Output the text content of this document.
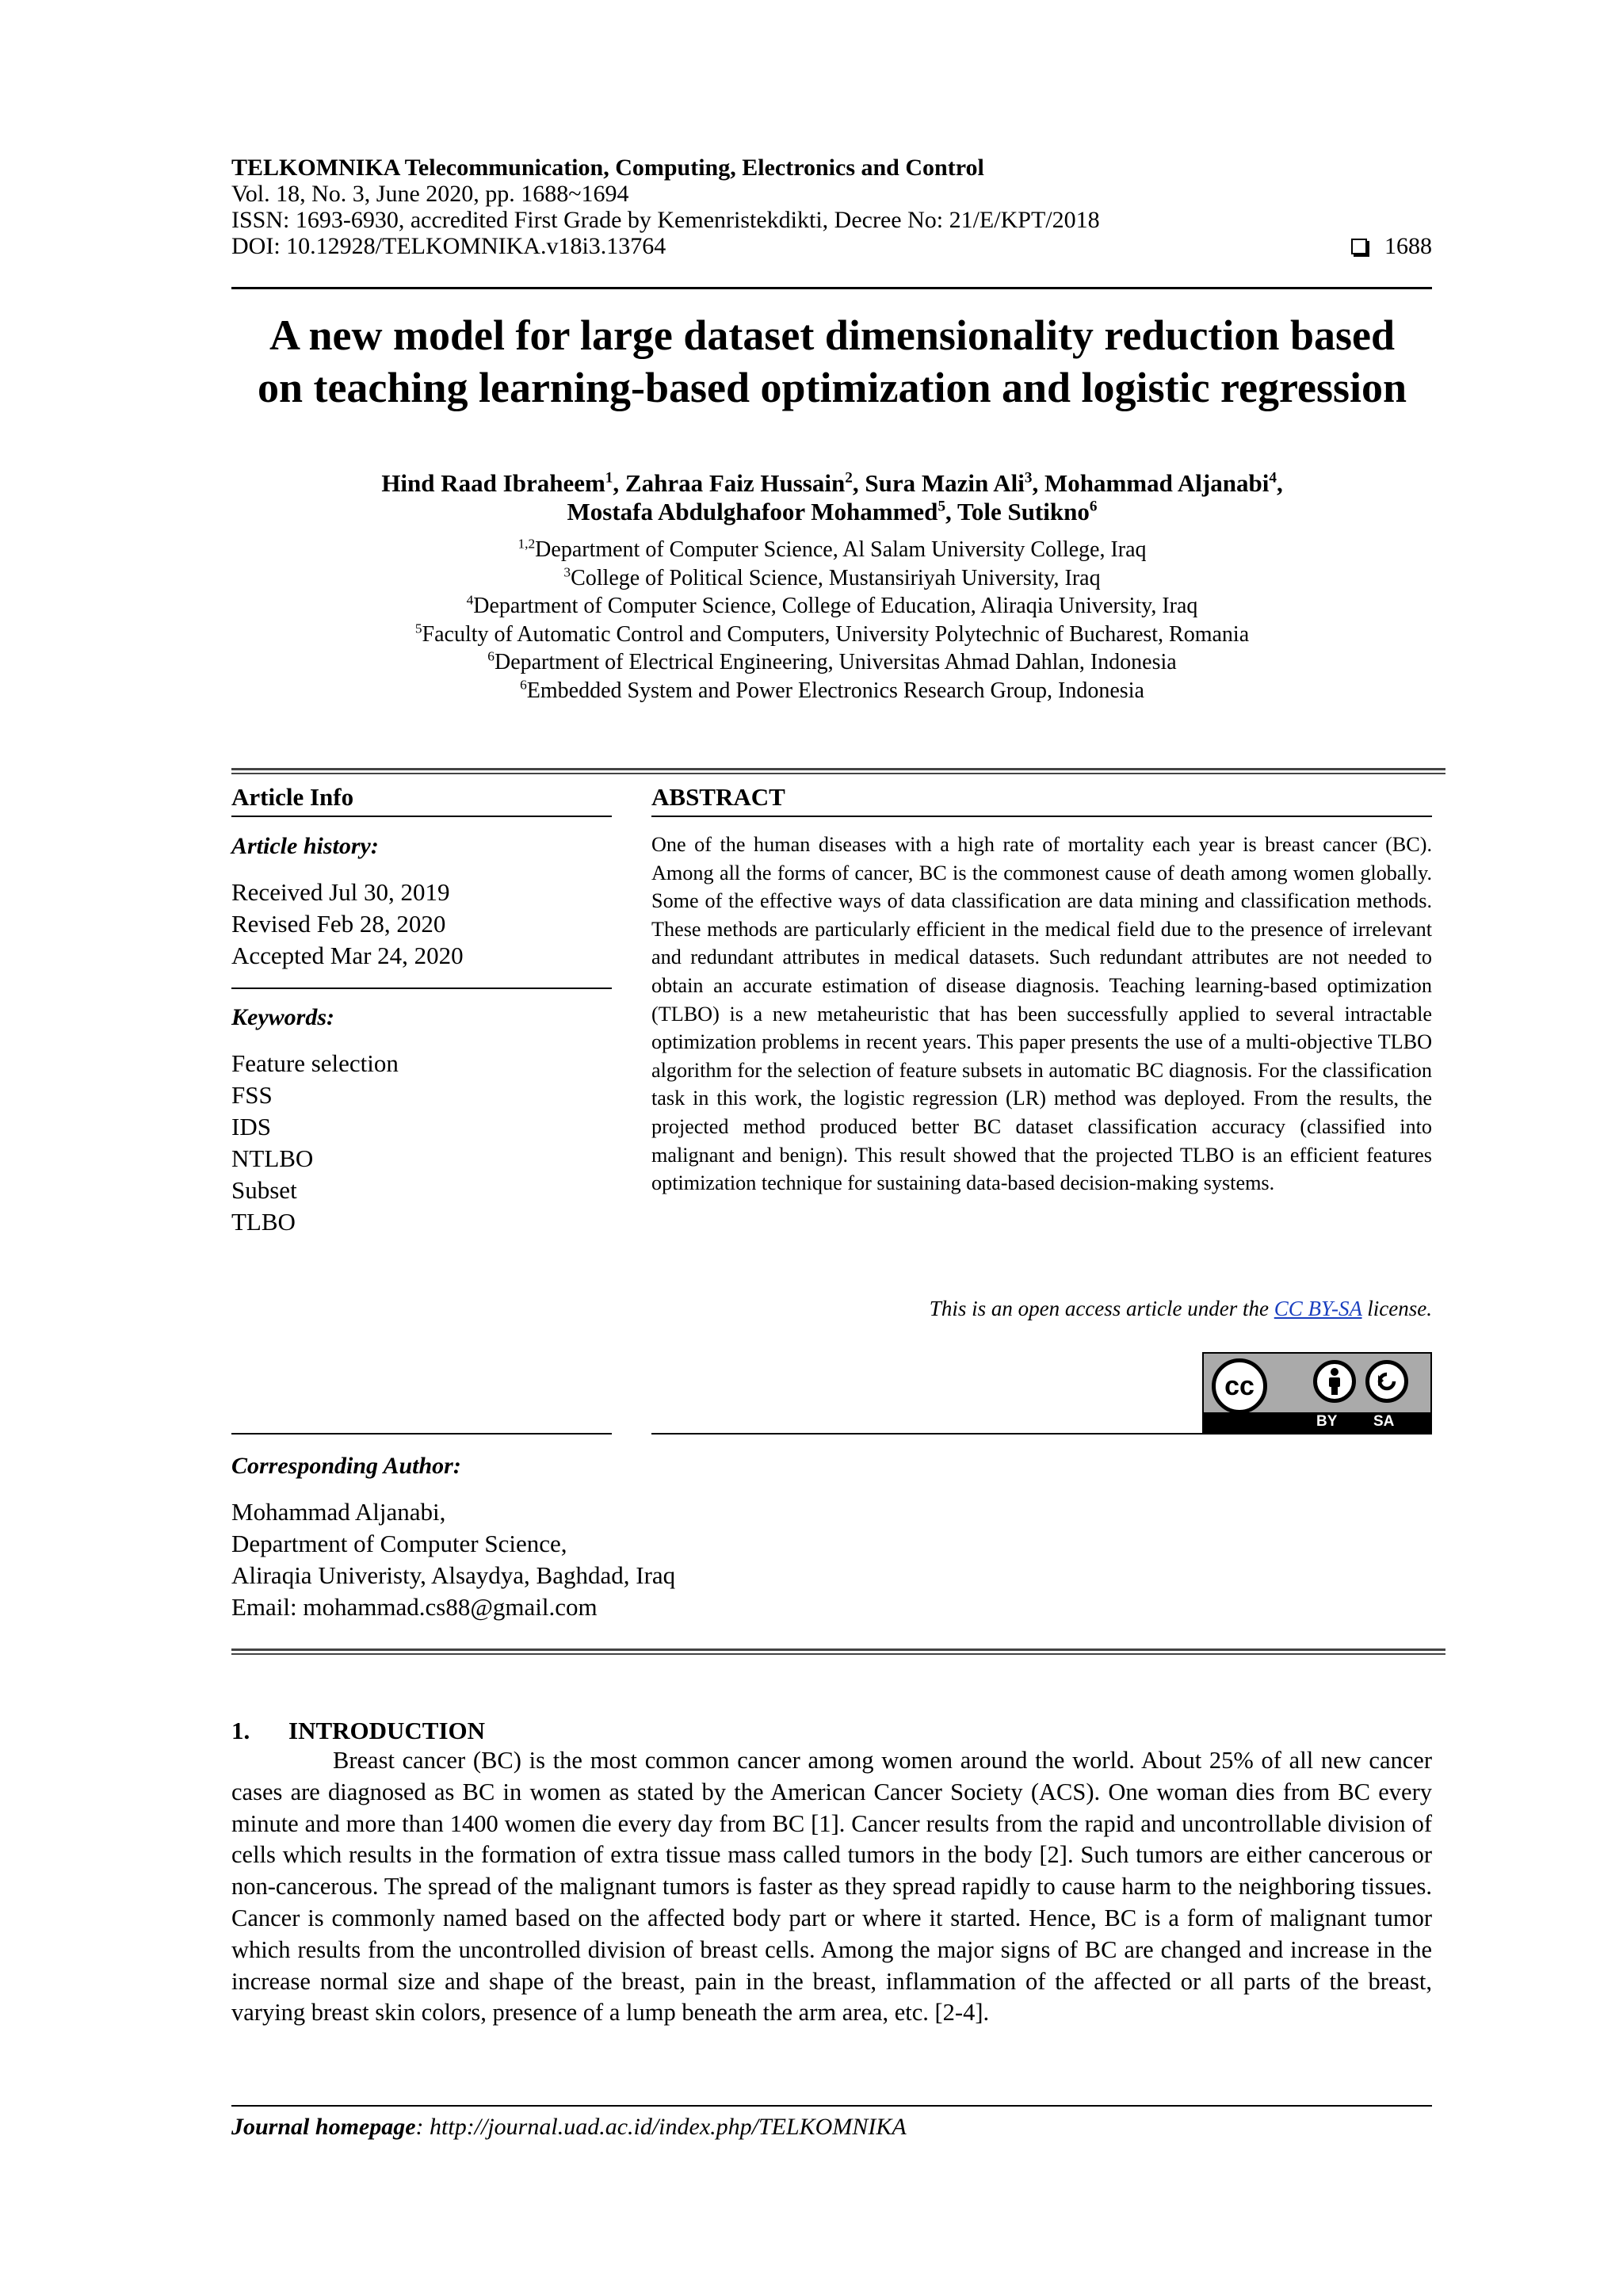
TELKOMNIKA Telecommunication, Computing, Electronics and Control
Vol. 18, No. 3, June 2020, pp. 1688~1694
ISSN: 1693-6930, accredited First Grade by Kemenristekdikti, Decree No: 21/E/KPT/2018
DOI: 10.12928/TELKOMNIKA.v18i3.13764	1688
A new model for large dataset dimensionality reduction based
on teaching learning-based optimization and logistic regression
Hind Raad Ibraheem$^1$, Zahraa Faiz Hussain$^2$, Sura Mazin Ali$^3$, Mohammad Aljanabi$^4$,
Mostafa Abdulghafoor Mohammed$^5$, Tole Sutikno$^6$
$^{1,2}$Department of Computer Science, Al Salam University College, Iraq
$^3$College of Political Science, Mustansiriyah University, Iraq
$^4$Department of Computer Science, College of Education, Aliraqia University, Iraq
$^5$Faculty of Automatic Control and Computers, University Polytechnic of Bucharest, Romania
$^6$Department of Electrical Engineering, Universitas Ahmad Dahlan, Indonesia
$^6$Embedded System and Power Electronics Research Group, Indonesia
Article Info
Article history:
Received Jul 30, 2019
Revised Feb 28, 2020
Accepted Mar 24, 2020
Keywords:
Feature selection
FSS
IDS
NTLBO
Subset
TLBO
ABSTRACT
One of the human diseases with a high rate of mortality each year is breast cancer (BC). Among all the forms of cancer, BC is the commonest cause of death among women globally. Some of the effective ways of data classification are data mining and classification methods. These methods are particularly efficient in the medical field due to the presence of irrelevant and redundant attributes in medical datasets. Such redundant attributes are not needed to obtain an accurate estimation of disease diagnosis. Teaching learning-based optimization (TLBO) is a new metaheuristic that has been successfully applied to several intractable optimization problems in recent years. This paper presents the use of a multi-objective TLBO algorithm for the selection of feature subsets in automatic BC diagnosis. For the classification task in this work, the logistic regression (LR) method was deployed. From the results, the projected method produced better BC dataset classification accuracy (classified into malignant and benign). This result showed that the projected TLBO is an efficient features optimization technique for sustaining data-based decision-making systems.
This is an open access article under the CC BY-SA license.
cc
BY SA
Corresponding Author:
Mohammad Aljanabi,
Department of Computer Science,
Aliraqia Univeristy, Alsaydya, Baghdad, Iraq
Email: mohammad.cs88@gmail.com
1. INTRODUCTION
Breast cancer (BC) is the most common cancer among women around the world. About 25% of all new cancer cases are diagnosed as BC in women as stated by the American Cancer Society (ACS). One woman dies from BC every minute and more than 1400 women die every day from BC [1]. Cancer results from the rapid and uncontrollable division of cells which results in the formation of extra tissue mass called tumors in the body [2]. Such tumors are either cancerous or non-cancerous. The spread of the malignant tumors is faster as they spread rapidly to cause harm to the neighboring tissues. Cancer is commonly named based on the affected body part or where it started. Hence, BC is a form of malignant tumor which results from the uncontrolled division of breast cells. Among the major signs of BC are changed and increase in the increase normal size and shape of the breast, pain in the breast, inflammation of the affected or all parts of the breast, varying breast skin colors, presence of a lump beneath the arm area, etc. [2-4].
Journal homepage: http://journal.uad.ac.id/index.php/TELKOMNIKA
